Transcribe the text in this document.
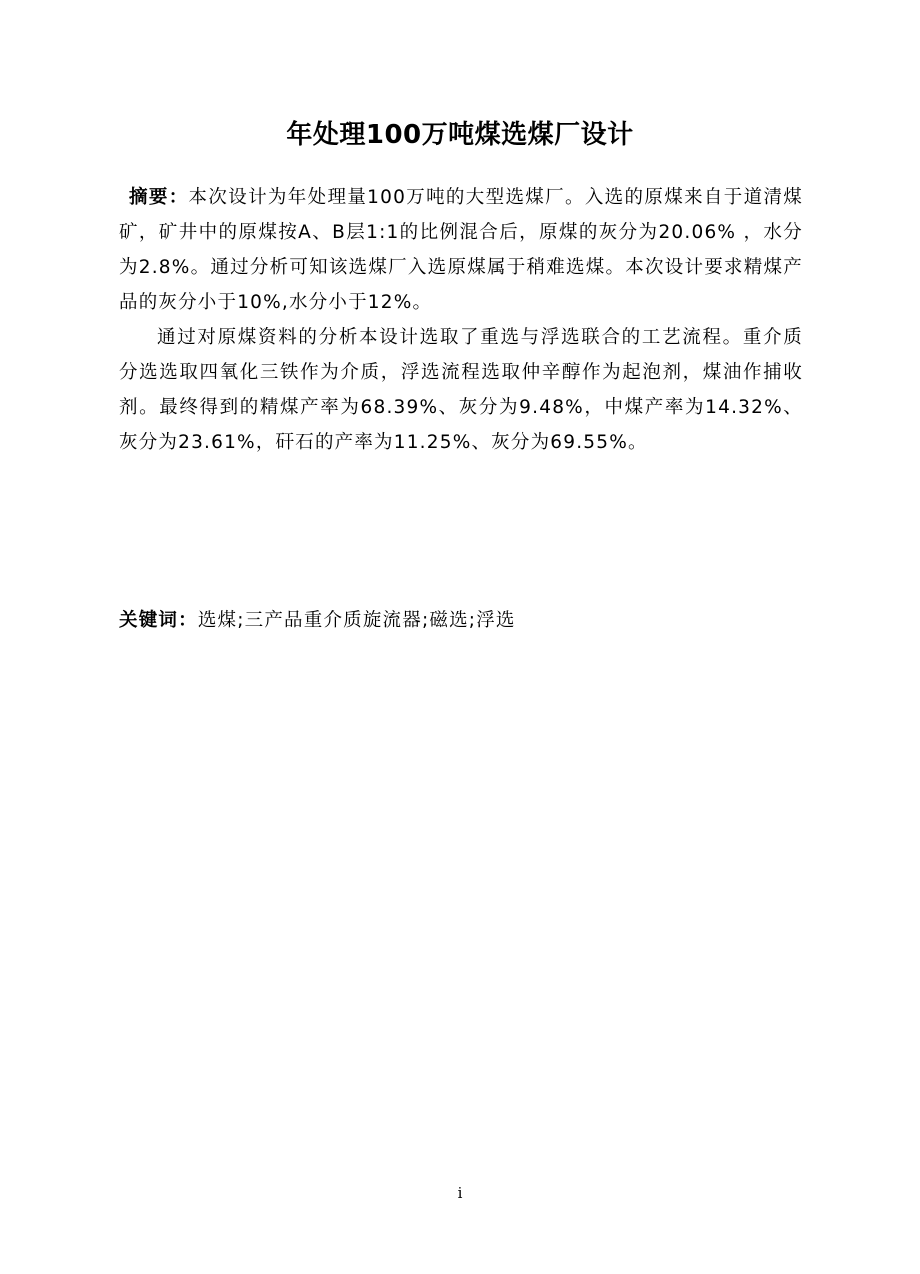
年处理100万吨煤选煤厂设计

摘要：本次设计为年处理量100万吨的大型选煤厂。入选的原煤来自于道清煤矿，矿井中的原煤按A、B层1:1的比例混合后，原煤的灰分为20.06% ，水分为2.8%。通过分析可知该选煤厂入选原煤属于稍难选煤。本次设计要求精煤产品的灰分小于10%,水分小于12%。

通过对原煤资料的分析本设计选取了重选与浮选联合的工艺流程。重介质分选选取四氧化三铁作为介质，浮选流程选取仲辛醇作为起泡剂，煤油作捕收剂。最终得到的精煤产率为68.39%、灰分为9.48%，中煤产率为14.32%、灰分为23.61%，矸石的产率为11.25%、灰分为69.55%。

关键词：选煤;三产品重介质旋流器;磁选;浮选
i
